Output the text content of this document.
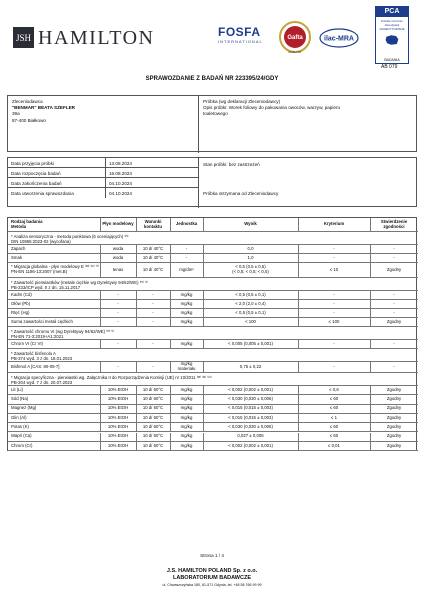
JSH HAMILTON	FOSFA
INTERNATIONAL
Gafta
ANALYST
ilac-MRA
PCA
Polskie Centrum Akredytacji AKREDYTOWANE
BADANIA
AB 079
SPRAWOZDANIE Z BADAŃ NR 223395/24/GDY
Zleceniodawca
"BENMAR" BEATA SZEFLER
39a
87-400 Białkowo
Próbka (wg deklaracji Zleceniodawcy)
Opis próbki: Worek foliowy do pakowania owoców, warzyw, papieru
toaletowego
Data przyjęcia próbki	13.08.2024
Data rozpoczęcia badań	16.08.2024
Data zakończenia badań	04.10.2024
Data utworzenia sprawozdania	04.10.2024
Stan próbki: bez zastrzeżeń
Próbka otrzymana od Zleceniodawcy
Rodzaj badania
Metoda	Płyn modelowy	Warunki kontaktu	Jednostka	Wynik	Kryterium	Stwierdzenie zgodności
* Analiza sensoryczna - metoda punktowa (6 oceniających) ⁽ᴴ⁾
DIN 10955:2023-02 (wycofana)
Zapach	woda	10 d/ 40°C	-	0,0	-	-
Smak	woda	10 d/ 40°C	-	1,0	-	-
* Migracja globalna - płyn modelowy E ⁽ᴹ⁾ ⁽ᴰ⁾ ⁽ᶠ⁾
PN-EN 1186-13:2007 (met.B)	tenax	10 d/ 40°C	mg/dm²	< 0,5 (0,5 ± 0,5)
(< 0,5; < 0,5; < 0,5)	≤ 10	Zgodny
* Zawartość pierwiastków (metale ciężkie wg Dyrektywy 94/62/WE) ⁽ᴴ⁾ ⁽ᴵ⁾
PB-233/ICP wyd. II z dn. 15.11.2017
Kadm (Cd)	-	-	mg/kg	< 0,5 (0,5 ± 0,1)	-	-
Ołów (Pb)	-	-	mg/kg	< 2,0 (2,0 ± 0,4)	-	-
Rtęć (Hg)	-	-	mg/kg	< 0,5 (0,5 ± 0,1)	-	-
Suma zawartości metali ciężkich	-	-	mg/kg	< 100	≤ 100	Zgodny
* Zawartość chromu VI (wg Dyrektywy 94/62/WE) ⁽ᴴ⁾ ⁽ᴵ⁾
PN-EN 71-3:2019+A1:2021
Chrom VI (Cr VI)	-	-	mg/kg	< 0,005 (0,005 ± 0,001)	-	-
* Zawartość bisfenolu A
PB-374 wyd. 3 z dn. 18.01.2023
Bisfenol A [CAS: 80-05-7]	-	-	mg/kg
materiału	0,75 ± 0,22	-	-
* Migracja specyficzna - pierwiastki wg. Załącznika II do Rozporządzenia Komisji (UE) nr 10/2011 ⁽ᴹ⁾ ⁽ᴺ⁾ ⁽ᴼ⁾
PB-204 wyd. 7 z dn. 20.07.2023
Lit (Li)	10% EtOH	10 d/ 60°C	mg/kg	< 0,002 (0,002 ± 0,001)	≤ 0,6	Zgodny
Sód (Na)	10% EtOH	10 d/ 60°C	mg/kg	< 0,030 (0,030 ± 0,006)	≤ 60	Zgodny
Magnez (Mg)	10% EtOH	10 d/ 60°C	mg/kg	< 0,015 (0,015 ± 0,003)	≤ 60	Zgodny
Glin (Al)	10% EtOH	10 d/ 60°C	mg/kg	< 0,015 (0,015 ± 0,003)	≤ 1	Zgodny
Potas (K)	10% EtOH	10 d/ 60°C	mg/kg	< 0,030 (0,030 ± 0,006)	≤ 60	Zgodny
Wapń (Ca)	10% EtOH	10 d/ 60°C	mg/kg	0,027 ± 0,005	≤ 60	Zgodny
Chrom (Cr)	10% EtOH	10 d/ 60°C	mg/kg	< 0,002 (0,002 ± 0,001)	≤ 0,01	Zgodny
Strona 1 / 4
J.S. HAMILTON POLAND Sp. z o.o.
LABORATORIUM BADAWCZE
ul. Chwaszczyńska 180, 81-571 Gdynia, tel. +48 58 766 99 99
